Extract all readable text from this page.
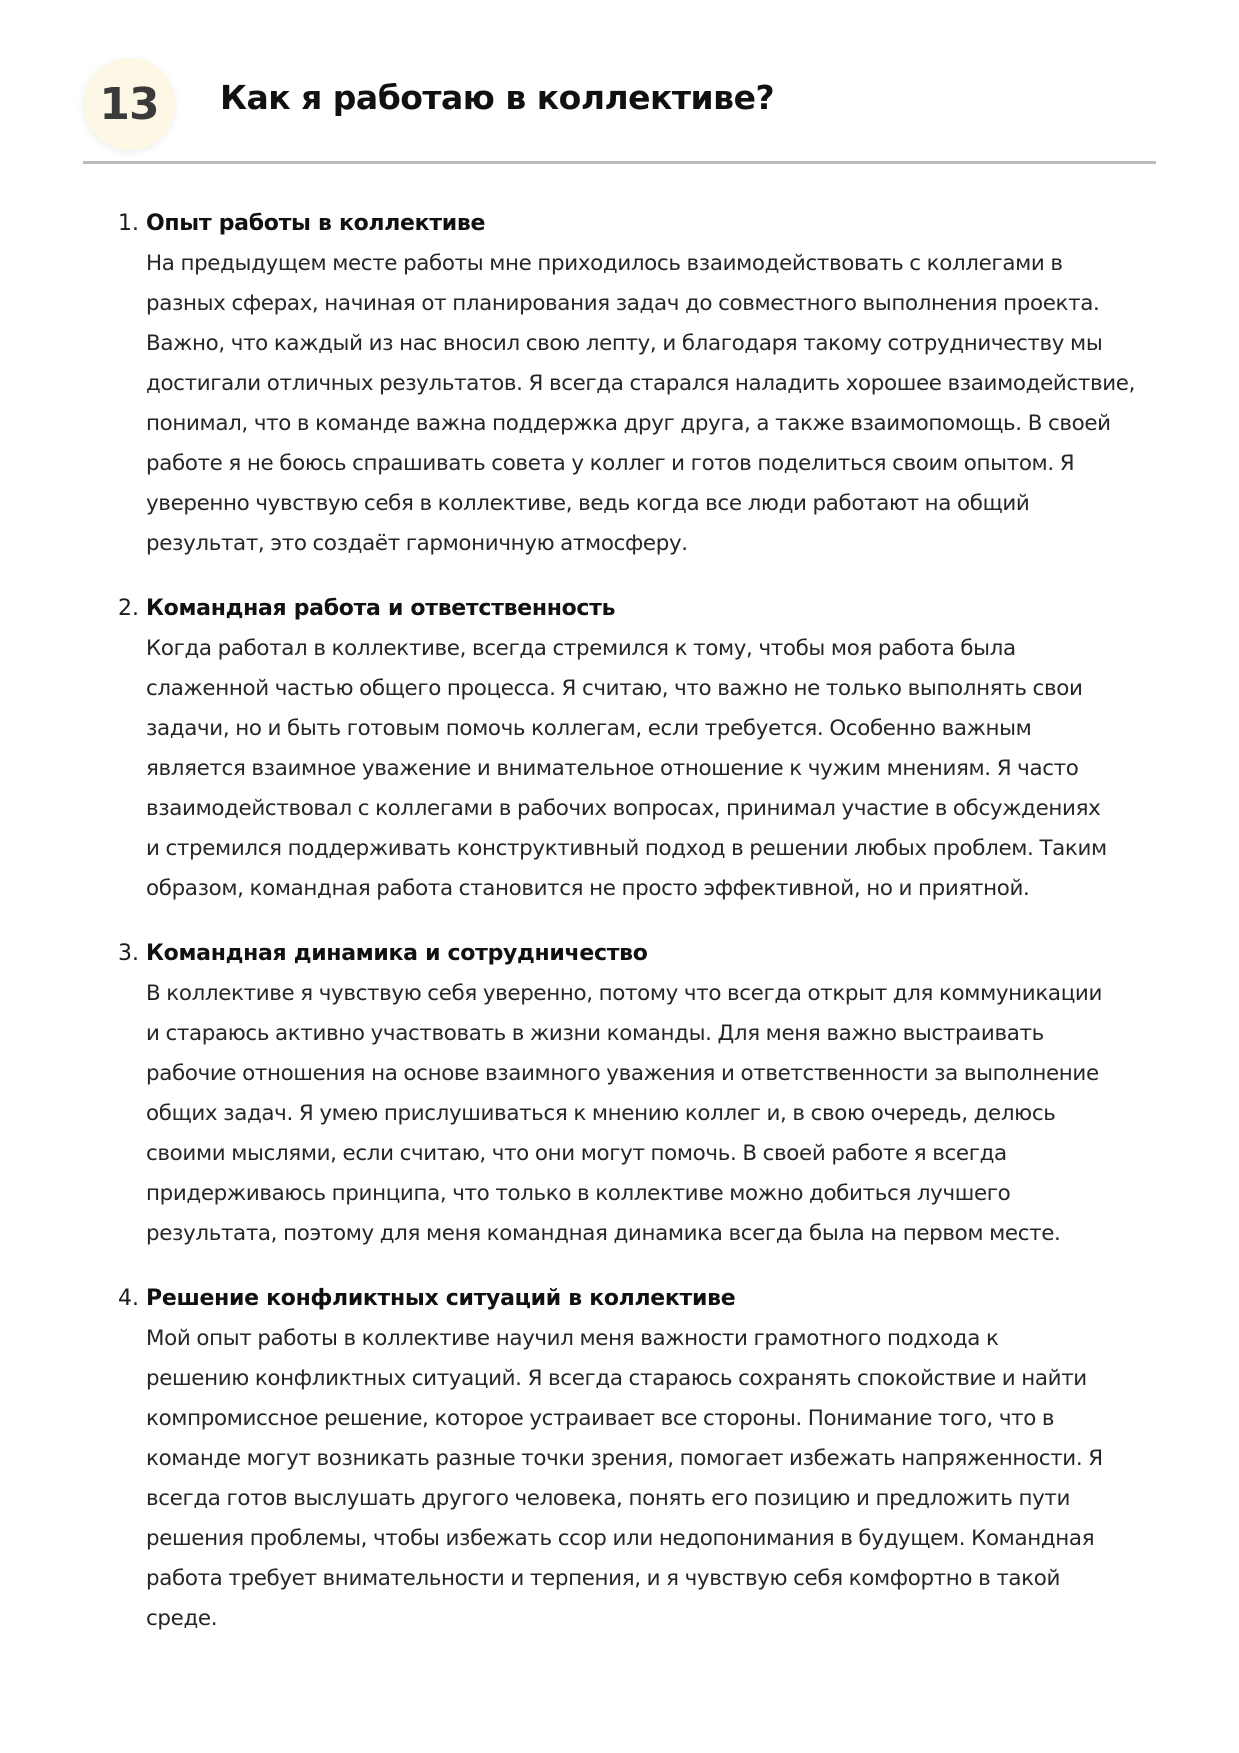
13 Как я работаю в коллективе?
1. Опыт работы в коллективе
На предыдущем месте работы мне приходилось взаимодействовать с коллегами в
разных сферах, начиная от планирования задач до совместного выполнения проекта.
Важно, что каждый из нас вносил свою лепту, и благодаря такому сотрудничеству мы
достигали отличных результатов. Я всегда старался наладить хорошее взаимодействие,
понимал, что в команде важна поддержка друг друга, а также взаимопомощь. В своей
работе я не боюсь спрашивать совета у коллег и готов поделиться своим опытом. Я
уверенно чувствую себя в коллективе, ведь когда все люди работают на общий
результат, это создаёт гармоничную атмосферу.
2. Командная работа и ответственность
Когда работал в коллективе, всегда стремился к тому, чтобы моя работа была
слаженной частью общего процесса. Я считаю, что важно не только выполнять свои
задачи, но и быть готовым помочь коллегам, если требуется. Особенно важным
является взаимное уважение и внимательное отношение к чужим мнениям. Я часто
взаимодействовал с коллегами в рабочих вопросах, принимал участие в обсуждениях
и стремился поддерживать конструктивный подход в решении любых проблем. Таким
образом, командная работа становится не просто эффективной, но и приятной.
3. Командная динамика и сотрудничество
В коллективе я чувствую себя уверенно, потому что всегда открыт для коммуникации
и стараюсь активно участвовать в жизни команды. Для меня важно выстраивать
рабочие отношения на основе взаимного уважения и ответственности за выполнение
общих задач. Я умею прислушиваться к мнению коллег и, в свою очередь, делюсь
своими мыслями, если считаю, что они могут помочь. В своей работе я всегда
придерживаюсь принципа, что только в коллективе можно добиться лучшего
результата, поэтому для меня командная динамика всегда была на первом месте.
4. Решение конфликтных ситуаций в коллективе
Мой опыт работы в коллективе научил меня важности грамотного подхода к
решению конфликтных ситуаций. Я всегда стараюсь сохранять спокойствие и найти
компромиссное решение, которое устраивает все стороны. Понимание того, что в
команде могут возникать разные точки зрения, помогает избежать напряженности. Я
всегда готов выслушать другого человека, понять его позицию и предложить пути
решения проблемы, чтобы избежать ссор или недопонимания в будущем. Командная
работа требует внимательности и терпения, и я чувствую себя комфортно в такой
среде.
